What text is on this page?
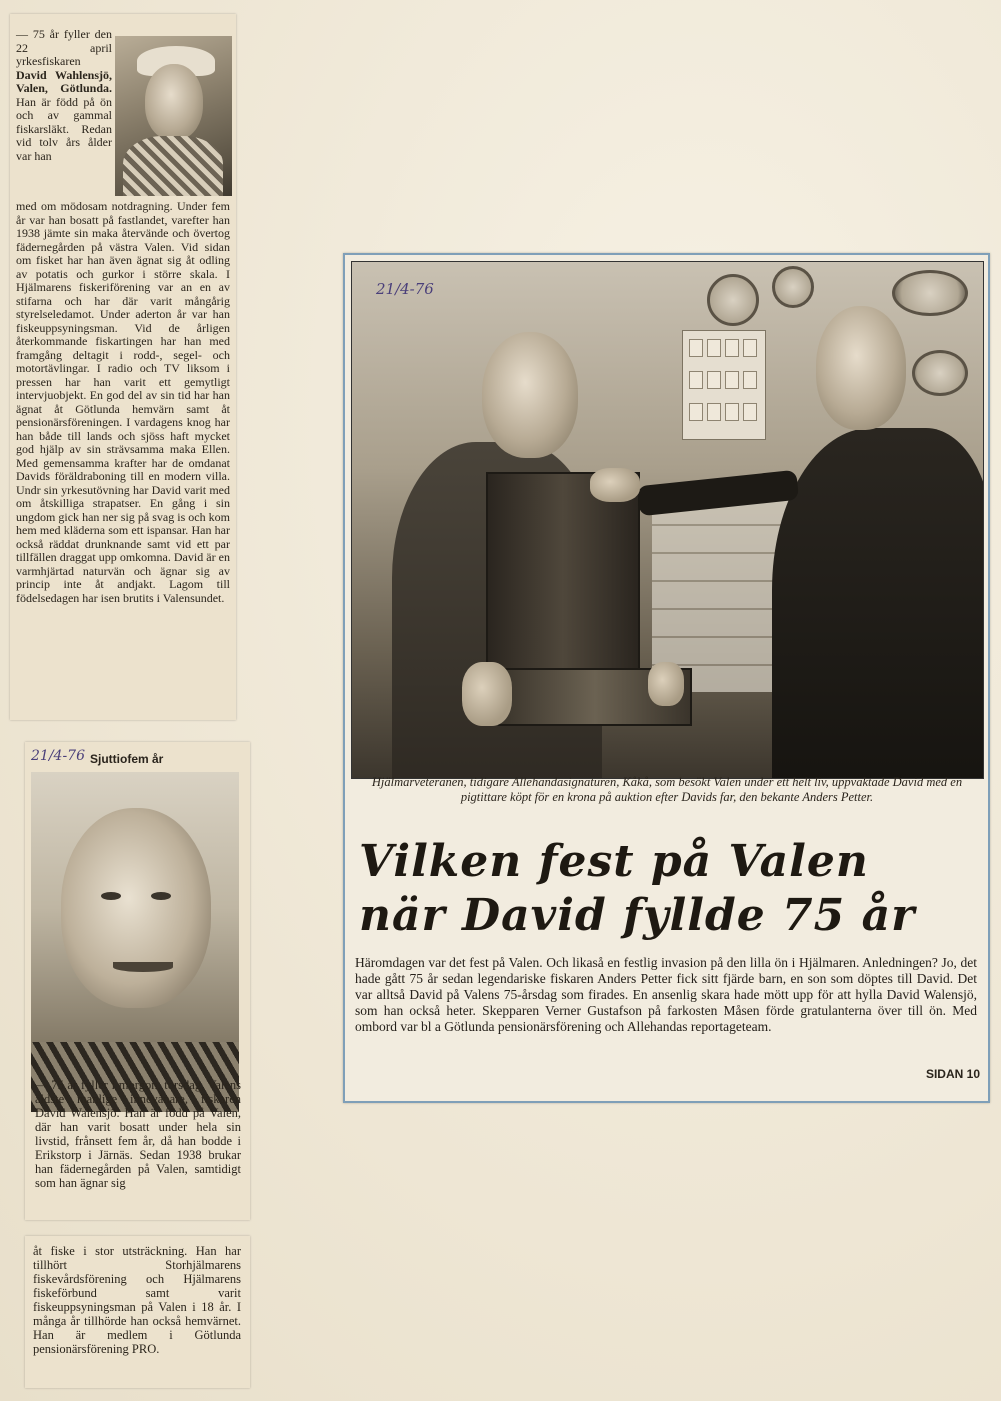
— 75 år fyller den 22 april yrkesfiskaren David Wahlensjö, Valen, Götlunda. Han är född på ön och av gammal fiskarsläkt. Redan vid tolv års ålder var han
med om mödosam notdragning. Under fem år var han bosatt på fastlandet, varefter han 1938 jämte sin maka återvände och övertog fädernegården på västra Valen. Vid sidan om fisket har han även ägnat sig åt odling av potatis och gurkor i större skala. I Hjälmarens fiskeriförening var an en av stifarna och har där varit mångårig styrelseledamot. Under aderton år var han fiskeuppsyningsman. Vid de årligen återkommande fiskartingen har han med framgång deltagit i rodd-, segel- och motortävlingar. I radio och TV liksom i pressen har han varit ett gemytligt intervjuobjekt. En god del av sin tid har han ägnat åt Götlunda hemvärn samt åt pensionärsföreningen. I vardagens knog har han både till lands och sjöss haft mycket god hjälp av sin strävsamma maka Ellen. Med gemensamma krafter har de omdanat Davids föräldraboning till en modern villa. Undr sin yrkesutövning har David varit med om åtskilliga strapatser. En gång i sin ungdom gick han ner sig på svag is och kom hem med kläderna som ett ispansar. Han har också räddat drunknande samt vid ett par tillfällen draggat upp omkomna. David är en varmhjärtad naturvän och ägnar sig av princip inte åt andjakt. Lagom till födelsedagen har isen brutits i Valensundet.
21/4-76 Sjuttiofem år
— 75 år fyller i morgon, torsdag, Valens äldste manlige innevånare, fiskaren David Walensjö. Han är född på Valen, där han varit bosatt under hela sin livstid, frånsett fem år, då han bodde i Erikstorp i Järnäs. Sedan 1938 brukar han fädernegården på Valen, samtidigt som han ägnar sig
åt fiske i stor utsträckning. Han har tillhört Storhjälmarens fiskevårdsförening och Hjälmarens fiskeförbund samt varit fiskeuppsyningsman på Valen i 18 år. I många år tillhörde han också hemvärnet. Han är medlem i Götlunda pensionärsförening PRO.
21/4-76
Hjälmarveteranen, tidigare Allehandasignaturen, Kåkå, som besökt Valen under ett helt liv, uppvaktade David med en pigtittare köpt för en krona på auktion efter Davids far, den bekante Anders Petter.
Vilken fest på Valen
när David fyllde 75 år
Häromdagen var det fest på Valen. Och likaså en festlig invasion på den lilla ön i Hjälmaren. Anledningen? Jo, det hade gått 75 år sedan legendariske fiskaren Anders Petter fick sitt fjärde barn, en son som döptes till David. Det var alltså David på Valens 75-årsdag som firades. En ansenlig skara hade mött upp för att hylla David Walensjö, som han också heter. Skepparen Verner Gustafson på farkosten Måsen förde gratulanterna över till ön. Med ombord var bl a Götlunda pensionärsförening och Allehandas reportageteam.
SIDAN 10
